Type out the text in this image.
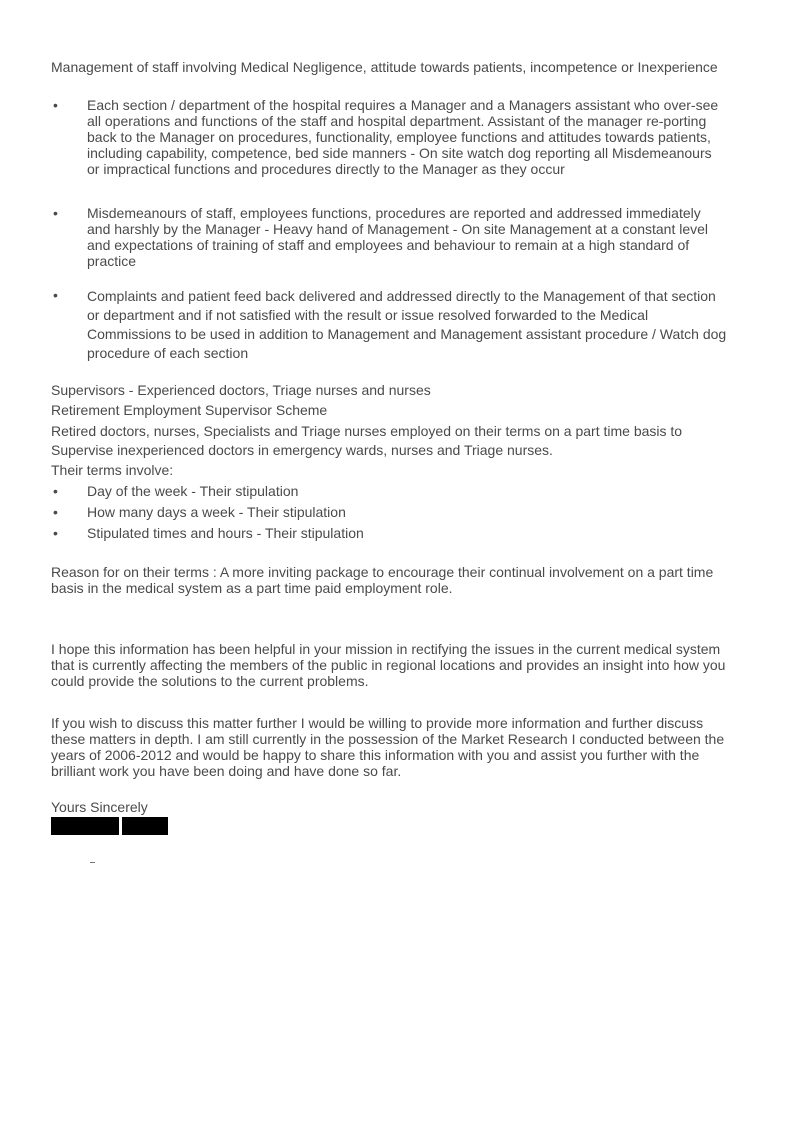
Management of staff involving Medical Negligence, attitude towards patients, incompetence or Inexperience

• Each section / department of the hospital requires a Manager and a Managers assistant who over-see all operations and functions of the staff and hospital department. Assistant of the manager re-porting back to the Manager on procedures, functionality, employee functions and attitudes towards patients, including capability, competence, bed side manners - On site watch dog reporting all Misdemeanours or impractical functions and procedures directly to the Manager as they occur
• Misdemeanours of staff, employees functions, procedures are reported and addressed immediately and harshly by the Manager - Heavy hand of Management - On site Management at a constant level and expectations of training of staff and employees and behaviour to remain at a high standard of practice
• Complaints and patient feed back delivered and addressed directly to the Management of that section or department and if not satisfied with the result or issue resolved forwarded to the Medical Commissions to be used in addition to Management and Management assistant procedure / Watch dog procedure of each section

Supervisors - Experienced doctors, Triage nurses and nurses

Retirement Employment Supervisor Scheme

Retired doctors, nurses, Specialists and Triage nurses employed on their terms on a part time basis to Supervise inexperienced doctors in emergency wards, nurses and Triage nurses.

Their terms involve:

• Day of the week - Their stipulation
• How many days a week - Their stipulation
• Stipulated times and hours - Their stipulation

Reason for on their terms : A more inviting package to encourage their continual involvement on a part time basis in the medical system as a part time paid employment role.

I hope this information has been helpful in your mission in rectifying the issues in the current medical system that is currently affecting the members of the public in regional locations and provides an insight into how you could provide the solutions to the current problems.

If you wish to discuss this matter further I would be willing to provide more information and further discuss these matters in depth. I am still currently in the possession of the Market Research I conducted between the years of 2006-2012 and would be happy to share this information with you and assist you further with the brilliant work you have been doing and have done so far.

Yours Sincerely
